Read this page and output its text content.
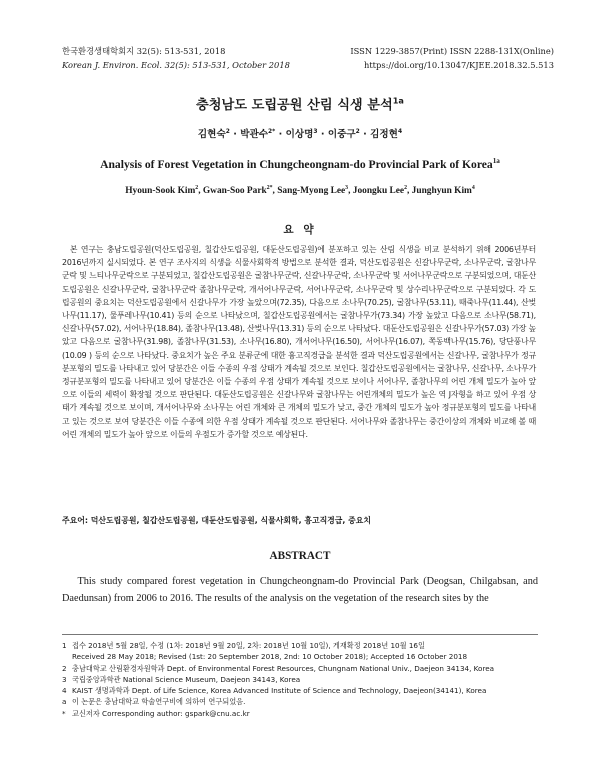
한국환경생태학회지 32(5): 513-531, 2018
Korean J. Environ. Ecol. 32(5): 513-531, October 2018
ISSN 1229-3857(Print) ISSN 2288-131X(Online)
https://doi.org/10.13047/KJEE.2018.32.5.513
충청남도 도립공원 산림 식생 분석$^{1a}$
김현숙$^2$ · 박관수$^{2*}$ · 이상명$^3$ · 이중구$^2$ · 김정현$^4$
Analysis of Forest Vegetation in Chungcheongnam-do Provincial Park of Korea$^{1a}$
Hyoun-Sook Kim$^2$, Gwan-Soo Park$^{2*}$, Sang-Myong Lee$^3$, Joongku Lee$^2$, Junghyun Kim$^4$
요 약

본 연구는 충남도립공원(덕산도립공원, 칠갑산도립공원, 대둔산도립공원)에 분포하고 있는 산림 식생을 비교 분석하기 위해 2006년부터 2016년까지 실시되었다. 본 연구 조사지의 식생을 식물사회학적 방법으로 분석한 결과, 덕산도립공원은 신갈나무군락, 소나무군락, 굴참나무군락 및 느티나무군락으로 구분되었고, 칠갑산도립공원은 굴참나무군락, 신갈나무군락, 소나무군락 및 서어나무군락으로 구분되었으며, 대둔산도립공원은 신갈나무군락, 굴참나무군락 졸참나무군락, 개서어나무군락, 서어나무군락, 소나무군락 및 상수리나무군락으로 구분되었다. 각 도립공원의 중요치는 덕산도립공원에서 신갈나무가 가장 높았으며(72.35), 다음으로 소나무(70.25), 굴참나무(53.11), 때죽나무(11.44), 산벚나무(11.17), 물푸레나무(10.41) 등의 순으로 나타났으며, 칠갑산도립공원에서는 굴참나무가(73.34) 가장 높았고 다음으로 소나무(58.71), 신갈나무(57.02), 서어나무(18.84), 졸참나무(13.48), 산벚나무(13.31) 등의 순으로 나타났다. 대둔산도립공원은 신갈나무가(57.03) 가장 높았고 다음으로 굴참나무(31.98), 졸참나무(31.53), 소나무(16.80), 개서어나무(16.50), 서어나무(16.07), 쪽동백나무(15.76), 당단풍나무(10.09 ) 등의 순으로 나타났다. 중요치가 높은 주요 분류군에 대한 흉고직경급을 분석한 결과 덕산도립공원에서는 신갈나무, 굴참나무가 정규분포형의 밀도를 나타내고 있어 당분간은 이들 수종의 우점 상태가 계속될 것으로 보인다. 칠갑산도립공원에서는 굴참나무, 신갈나무, 소나무가 정규분포형의 밀도를 나타내고 있어 당분간은 이들 수종의 우점 상태가 계속될 것으로 보이나 서어나무, 졸참나무의 어린 개체 밀도가 높아 앞으로 이들의 세력이 확장될 것으로 판단된다. 대둔산도립공원은 신갈나무와 굴참나무는 어린개체의 밀도가 높은 역 J자형을 하고 있어 우점 상태가 계속될 것으로 보이며, 개서어나무와 소나무는 어린 개체와 큰 개체의 밀도가 낮고, 중간 개체의 밀도가 높아 정규분포형의 밀도를 나타내고 있는 것으로 보여 당분간은 이들 수종에 의한 우점 상태가 계속될 것으로 판단된다. 서어나무와 졸참나무는 중간이상의 개체와 비교해 볼 때 어린 개체의 밀도가 높아 앞으로 이들의 우점도가 증가할 것으로 예상된다.

주요어: 덕산도립공원, 칠갑산도립공원, 대둔산도립공원, 식물사회학, 흉고직경급, 중요치
ABSTRACT

This study compared forest vegetation in Chungcheongnam-do Provincial Park (Deogsan, Chilgabsan, and Daedunsan) from 2006 to 2016. The results of the analysis on the vegetation of the research sites by the

1 접수 2018년 5월 28일, 수정 (1차: 2018년 9월 20일, 2차: 2018년 10월 10일), 게재확정 2018년 10월 16일
Received 28 May 2018; Revised (1st: 20 September 2018, 2nd: 10 October 2018); Accepted 16 October 2018
2 충남대학교 산림환경자원학과 Dept. of Environmental Forest Resources, Chungnam National Univ., Daejeon 34134, Korea
3 국립중앙과학관 National Science Museum, Daejeon 34143, Korea
4 KAIST 생명과학과 Dept. of Life Science, Korea Advanced Institute of Science and Technology, Daejeon(34141), Korea
a 이 논문은 충남대학교 학술연구비에 의하여 연구되었음.
* 교신저자 Corresponding author: gspark@cnu.ac.kr
